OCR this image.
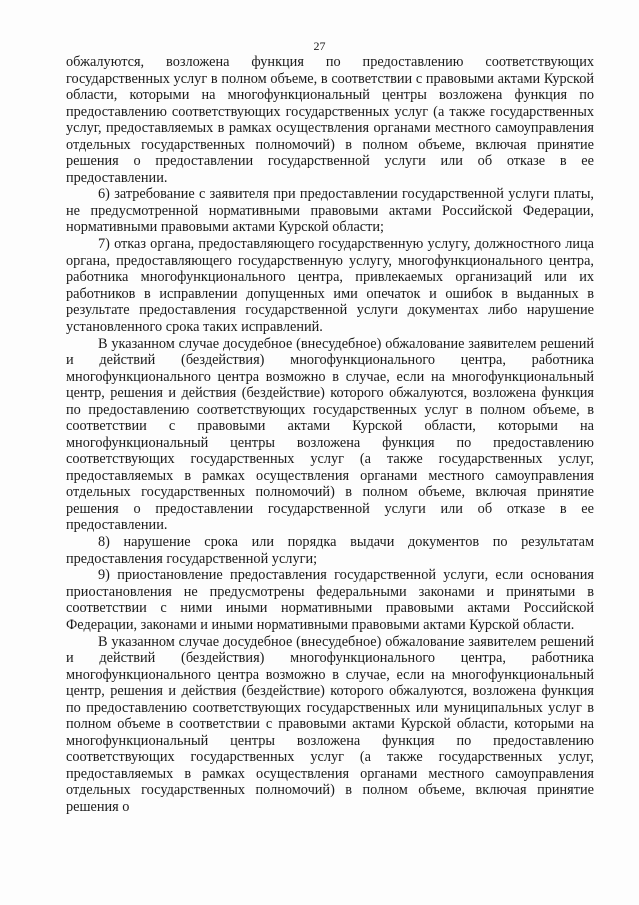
27

обжалуются, возложена функция по предоставлению соответствующих государственных услуг в полном объеме, в соответствии с правовыми актами Курской области, которыми на многофункциональный центры возложена функция по предоставлению соответствующих государственных услуг (а также государственных услуг, предоставляемых в рамках осуществления органами местного самоуправления отдельных государственных полномочий) в полном объеме, включая принятие решения о предоставлении государственной услуги или об отказе в ее предоставлении.

6) затребование с заявителя при предоставлении государственной услуги платы, не предусмотренной нормативными правовыми актами Российской Федерации, нормативными правовыми актами Курской области;

7) отказ органа, предоставляющего государственную услугу, должностного лица органа, предоставляющего государственную услугу, многофункционального центра, работника многофункционального центра, привлекаемых организаций или их работников в исправлении допущенных ими опечаток и ошибок в выданных в результате предоставления государственной услуги документах либо нарушение установленного срока таких исправлений.

В указанном случае досудебное (внесудебное) обжалование заявителем решений и действий (бездействия) многофункционального центра, работника многофункционального центра возможно в случае, если на многофункциональный центр, решения и действия (бездействие) которого обжалуются, возложена функция по предоставлению соответствующих государственных услуг в полном объеме, в соответствии с правовыми актами Курской области, которыми на многофункциональный центры возложена функция по предоставлению соответствующих государственных услуг (а также государственных услуг, предоставляемых в рамках осуществления органами местного самоуправления отдельных государственных полномочий) в полном объеме, включая принятие решения о предоставлении государственной услуги или об отказе в ее предоставлении.

8) нарушение срока или порядка выдачи документов по результатам предоставления государственной услуги;

9) приостановление предоставления государственной услуги, если основания приостановления не предусмотрены федеральными законами и принятыми в соответствии с ними иными нормативными правовыми актами Российской Федерации, законами и иными нормативными правовыми актами Курской области.

В указанном случае досудебное (внесудебное) обжалование заявителем решений и действий (бездействия) многофункционального центра, работника многофункционального центра возможно в случае, если на многофункциональный центр, решения и действия (бездействие) которого обжалуются, возложена функция по предоставлению соответствующих государственных или муниципальных услуг в полном объеме в соответствии с правовыми актами Курской области, которыми на многофункциональный центры возложена функция по предоставлению соответствующих государственных услуг (а также государственных услуг, предоставляемых в рамках осуществления органами местного самоуправления отдельных государственных полномочий) в полном объеме, включая принятие решения о
